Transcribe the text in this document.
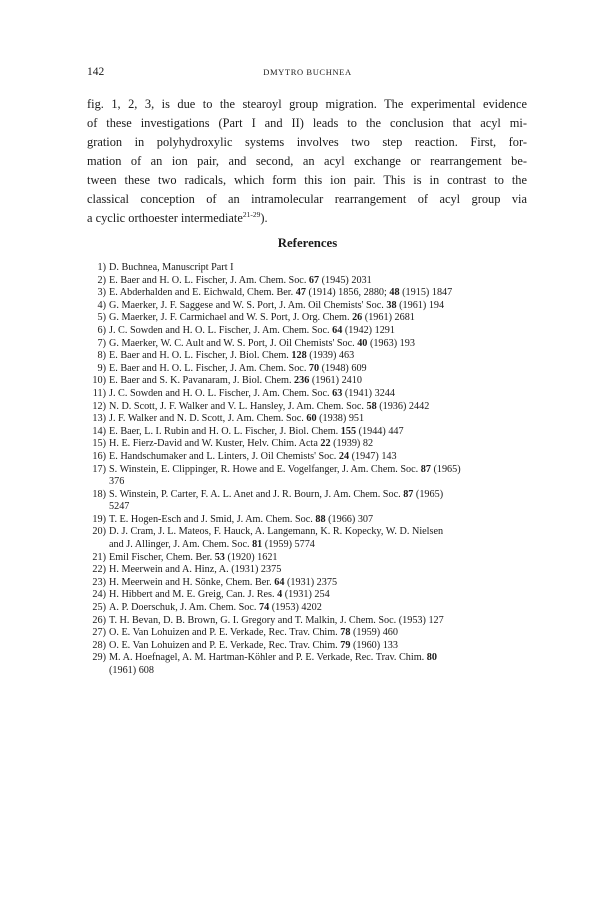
142	DMYTRO BUCHNEA

fig. 1, 2, 3, is due to the stearoyl group migration. The experimental evidence
of these investigations (Part I and II) leads to the conclusion that acyl mi-
gration in polyhydroxylic systems involves two step reaction. First, for-
mation of an ion pair, and second, an acyl exchange or rearrangement be-
tween these two radicals, which form this ion pair. This is in contrast to the
classical conception of an intramolecular rearrangement of acyl group via
a cyclic orthoester intermediate$^{21-29}$).

References
1) D. Buchnea, Manuscript Part I
2) E. Baer and H. O. L. Fischer, J. Am. Chem. Soc. 67 (1945) 2031
3) E. Abderhalden and E. Eichwald, Chem. Ber. 47 (1914) 1856, 2880; 48 (1915) 1847
4) G. Maerker, J. F. Saggese and W. S. Port, J. Am. Oil Chemists' Soc. 38 (1961) 194
5) G. Maerker, J. F. Carmichael and W. S. Port, J. Org. Chem. 26 (1961) 2681
6) J. C. Sowden and H. O. L. Fischer, J. Am. Chem. Soc. 64 (1942) 1291
7) G. Maerker, W. C. Ault and W. S. Port, J. Oil Chemists' Soc. 40 (1963) 193
8) E. Baer and H. O. L. Fischer, J. Biol. Chem. 128 (1939) 463
9) E. Baer and H. O. L. Fischer, J. Am. Chem. Soc. 70 (1948) 609
10) E. Baer and S. K. Pavanaram, J. Biol. Chem. 236 (1961) 2410
11) J. C. Sowden and H. O. L. Fischer, J. Am. Chem. Soc. 63 (1941) 3244
12) N. D. Scott, J. F. Walker and V. L. Hansley, J. Am. Chem. Soc. 58 (1936) 2442
13) J. F. Walker and N. D. Scott, J. Am. Chem. Soc. 60 (1938) 951
14) E. Baer, L. I. Rubin and H. O. L. Fischer, J. Biol. Chem. 155 (1944) 447
15) H. E. Fierz-David and W. Kuster, Helv. Chim. Acta 22 (1939) 82
16) E. Handschumaker and L. Linters, J. Oil Chemists' Soc. 24 (1947) 143
17) S. Winstein, E. Clippinger, R. Howe and E. Vogelfanger, J. Am. Chem. Soc. 87 (1965)
376
18) S. Winstein, P. Carter, F. A. L. Anet and J. R. Bourn, J. Am. Chem. Soc. 87 (1965)
5247
19) T. E. Hogen-Esch and J. Smid, J. Am. Chem. Soc. 88 (1966) 307
20) D. J. Cram, J. L. Mateos, F. Hauck, A. Langemann, K. R. Kopecky, W. D. Nielsen
and J. Allinger, J. Am. Chem. Soc. 81 (1959) 5774
21) Emil Fischer, Chem. Ber. 53 (1920) 1621
22) H. Meerwein and A. Hinz, A. (1931) 2375
23) H. Meerwein and H. Sönke, Chem. Ber. 64 (1931) 2375
24) H. Hibbert and M. E. Greig, Can. J. Res. 4 (1931) 254
25) A. P. Doerschuk, J. Am. Chem. Soc. 74 (1953) 4202
26) T. H. Bevan, D. B. Brown, G. I. Gregory and T. Malkin, J. Chem. Soc. (1953) 127
27) O. E. Van Lohuizen and P. E. Verkade, Rec. Trav. Chim. 78 (1959) 460
28) O. E. Van Lohuizen and P. E. Verkade, Rec. Trav. Chim. 79 (1960) 133
29) M. A. Hoefnagel, A. M. Hartman-Köhler and P. E. Verkade, Rec. Trav. Chim. 80
(1961) 608
